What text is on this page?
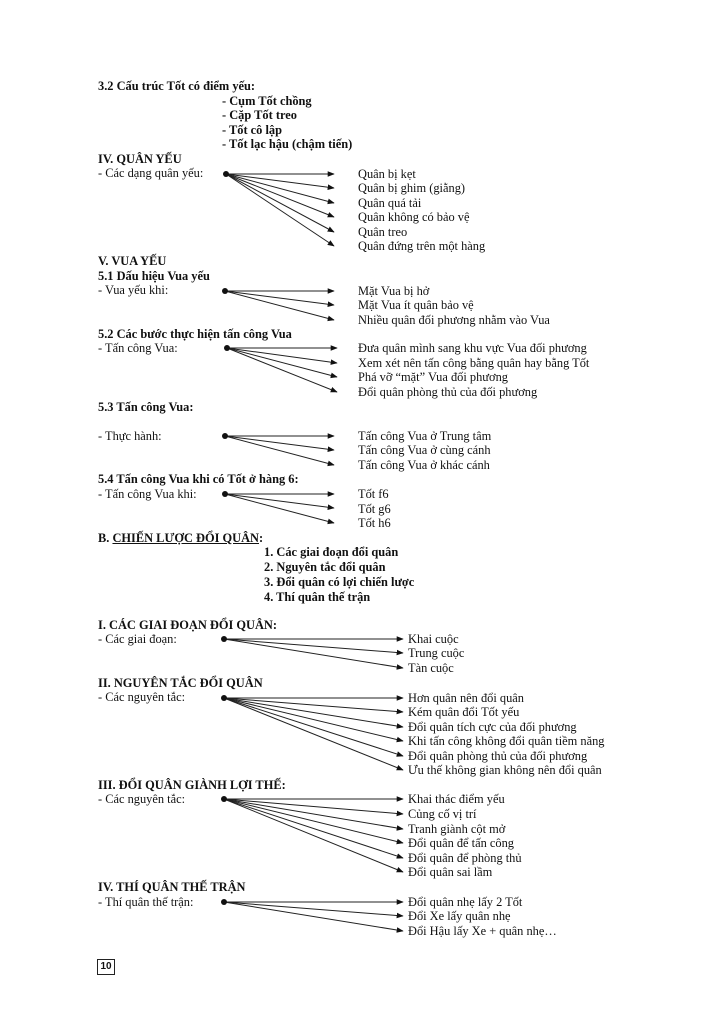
3.2 Cấu trúc Tốt có điểm yếu:
- Cụm Tốt chồng
- Cặp Tốt treo
- Tốt cô lập
- Tốt lạc hậu (chậm tiến)
IV. QUÂN YẾU
- Các dạng quân yếu:	Quân bị kẹt
Quân bị ghim (giằng)
Quân quá tải
Quân không có bảo vệ
Quân treo
Quân đứng trên một hàng
V. VUA YẾU
5.1 Dấu hiệu Vua yếu
- Vua yếu khi:	Mặt Vua bị hở
Mặt Vua ít quân bảo vệ
Nhiều quân đối phương nhằm vào Vua
5.2 Các bước thực hiện tấn công Vua
- Tấn công Vua:	Đưa quân mình sang khu vực Vua đối phương
Xem xét nên tấn công bằng quân hay bằng Tốt
Phá vỡ “mặt” Vua đối phương
Đổi quân phòng thủ của đối phương
5.3 Tấn công Vua:
- Thực hành:	Tấn công Vua ở Trung tâm
Tấn công Vua ở cùng cánh
Tấn công Vua ở khác cánh
5.4 Tấn công Vua khi có Tốt ở hàng 6:
- Tấn công Vua khi:	Tốt f6
Tốt g6
Tốt h6
B. CHIẾN LƯỢC ĐỔI QUÂN:
1. Các giai đoạn đổi quân
2. Nguyên tắc đổi quân
3. Đổi quân có lợi chiến lược
4. Thí quân thế trận
I. CÁC GIAI ĐOẠN ĐỔI QUÂN:
- Các giai đoạn:	Khai cuộc
Trung cuộc
Tàn cuộc
II. NGUYÊN TẮC ĐỔI QUÂN
- Các nguyên tắc:	Hơn quân nên đổi quân
Kém quân đổi Tốt yếu
Đổi quân tích cực của đối phương
Khi tấn công không đổi quân tiềm năng
Đổi quân phòng thủ của đối phương
Ưu thế không gian không nên đổi quân
III. ĐỔI QUÂN GIÀNH LỢI THẾ:
- Các nguyên tắc:	Khai thác điểm yếu
Củng cố vị trí
Tranh giành cột mở
Đổi quân để tấn công
Đổi quân để phòng thủ
Đổi quân sai lầm
IV. THÍ QUÂN THẾ TRẬN
- Thí quân thế trận:	Đổi quân nhẹ lấy 2 Tốt
Đổi Xe lấy quân nhẹ
Đổi Hậu lấy Xe + quân nhẹ…
10
